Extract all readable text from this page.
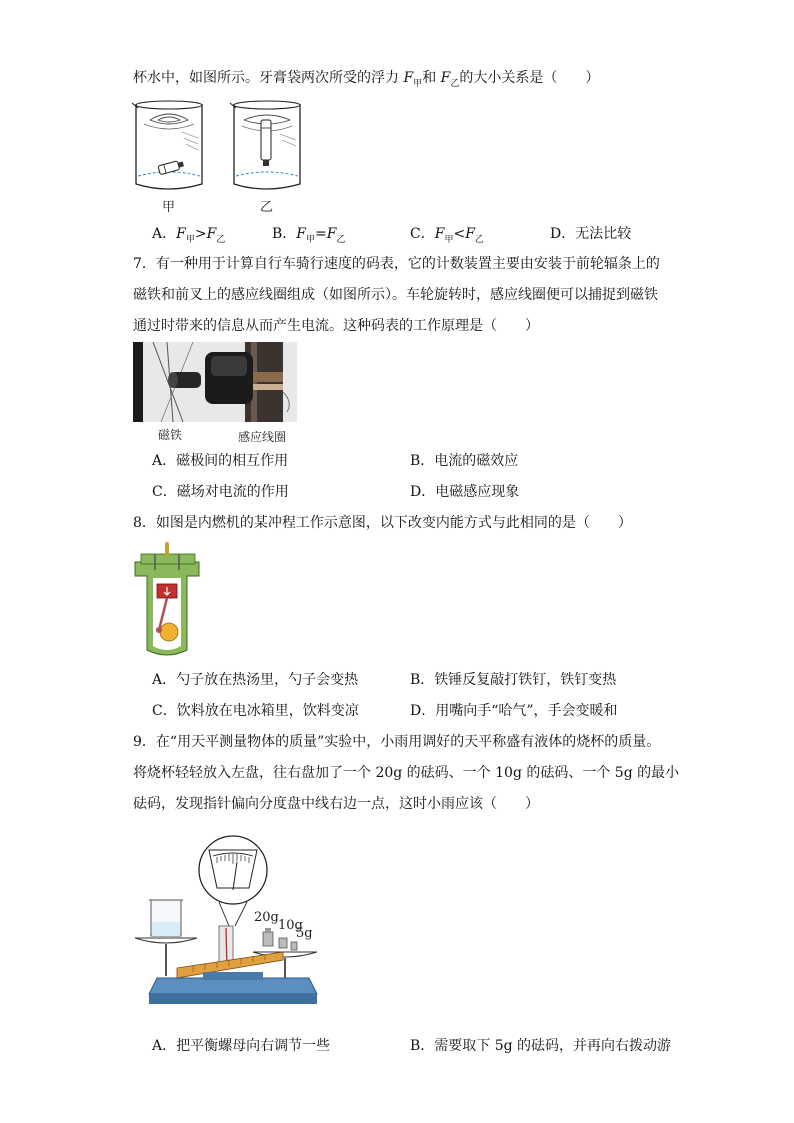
杯水中，如图所示。牙膏袋两次所受的浮力 $F_甲$和 $F_乙$的大小关系是（　　）
甲	乙
A．$F_甲>F_乙$	B．$F_甲=F_乙$	C．$F_甲<F_乙$	D．无法比较
7．有一种用于计算自行车骑行速度的码表，它的计数装置主要由安装于前轮辐条上的
磁铁和前叉上的感应线圈组成（如图所示）。车轮旋转时，感应线圈便可以捕捉到磁铁
通过时带来的信息从而产生电流。这种码表的工作原理是（　　）
磁铁	感应线圈
A．磁极间的相互作用	B．电流的磁效应
C．磁场对电流的作用	D．电磁感应现象
8．如图是内燃机的某冲程工作示意图，以下改变内能方式与此相同的是（　　）
A．勺子放在热汤里，勺子会变热	B．铁锤反复敲打铁钉，铁钉变热
C．饮料放在电冰箱里，饮料变凉	D．用嘴向手“哈气”，手会变暖和
9．在“用天平测量物体的质量”实验中，小雨用调好的天平称盛有液体的烧杯的质量。
将烧杯轻轻放入左盘，往右盘加了一个 20g 的砝码、一个 10g 的砝码、一个 5g 的最小
砝码，发现指针偏向分度盘中线右边一点，这时小雨应该（　　）
20g
10g
5g
A．把平衡螺母向右调节一些	B．需要取下 5g 的砝码，并再向右拨动游
